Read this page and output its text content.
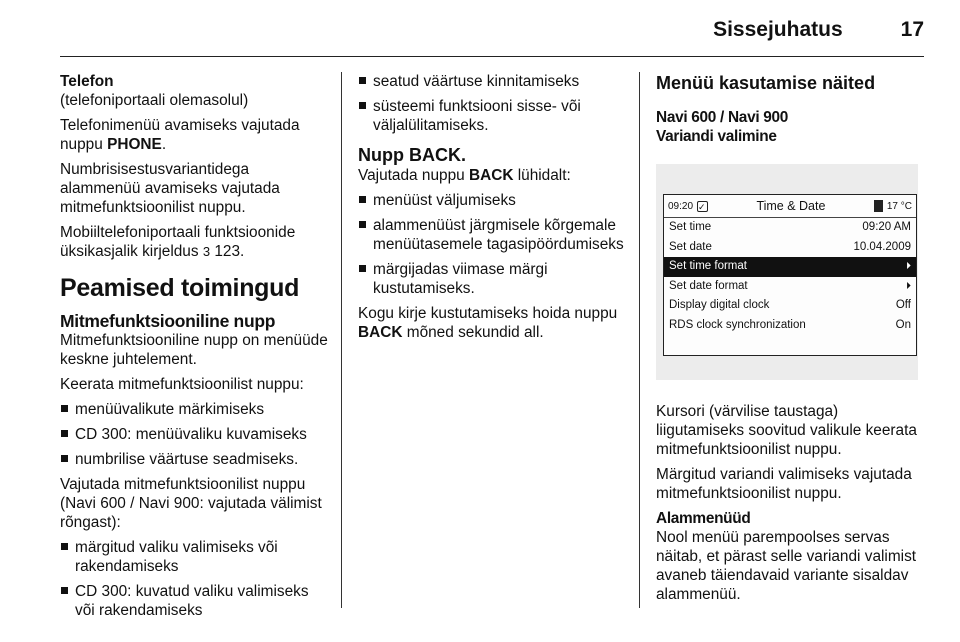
Sissejuhatus	17

Telefon

(telefoniportaali olemasolul)

Telefonimenüü avamiseks vajutada nuppu PHONE.

Numbrisisestusvariantidega alammenüü avamiseks vajutada mitmefunktsioonilist nuppu.

Mobiiltelefoniportaali funktsioonide üksikasjalik kirjeldus 3 123.

Peamised toimingud

Mitmefunktsiooniline nupp

Mitmefunktsiooniline nupp on menüüde keskne juhtelement.

Keerata mitmefunktsioonilist nuppu:

menüüvalikute märkimiseks
CD 300: menüüvaliku kuvamiseks
numbrilise väärtuse seadmiseks.

Vajutada mitmefunktsioonilist nuppu (Navi 600 / Navi 900: vajutada välimist rõngast):

märgitud valiku valimiseks või rakendamiseks
CD 300: kuvatud valiku valimiseks või rakendamiseks
seatud väärtuse kinnitamiseks
süsteemi funktsiooni sisse- või väljalülitamiseks.

Nupp BACK.

Vajutada nuppu BACK lühidalt:

menüüst väljumiseks
alammenüüst järgmisele kõrgemale menüütasemele tagasipöördumiseks
märgijadas viimase märgi kustutamiseks.

Kogu kirje kustutamiseks hoida nuppu BACK mõned sekundid all.

Menüü kasutamise näited

Navi 600 / Navi 900

Variandi valimine

09:20
✓	Time & Date	17 °C
Set time	09:20 AM
Set date	10.04.2009
Set time format	⏵
Set date format	⏵
Display digital clock	Off
RDS clock synchronization	On

Kursori (värvilise taustaga) liigutamiseks soovitud valikule keerata mitmefunktsioonilist nuppu.

Märgitud variandi valimiseks vajutada mitmefunktsioonilist nuppu.

Alammenüüd

Nool menüü parempoolses servas näitab, et pärast selle variandi valimist avaneb täiendavaid variante sisaldav alammenüü.
